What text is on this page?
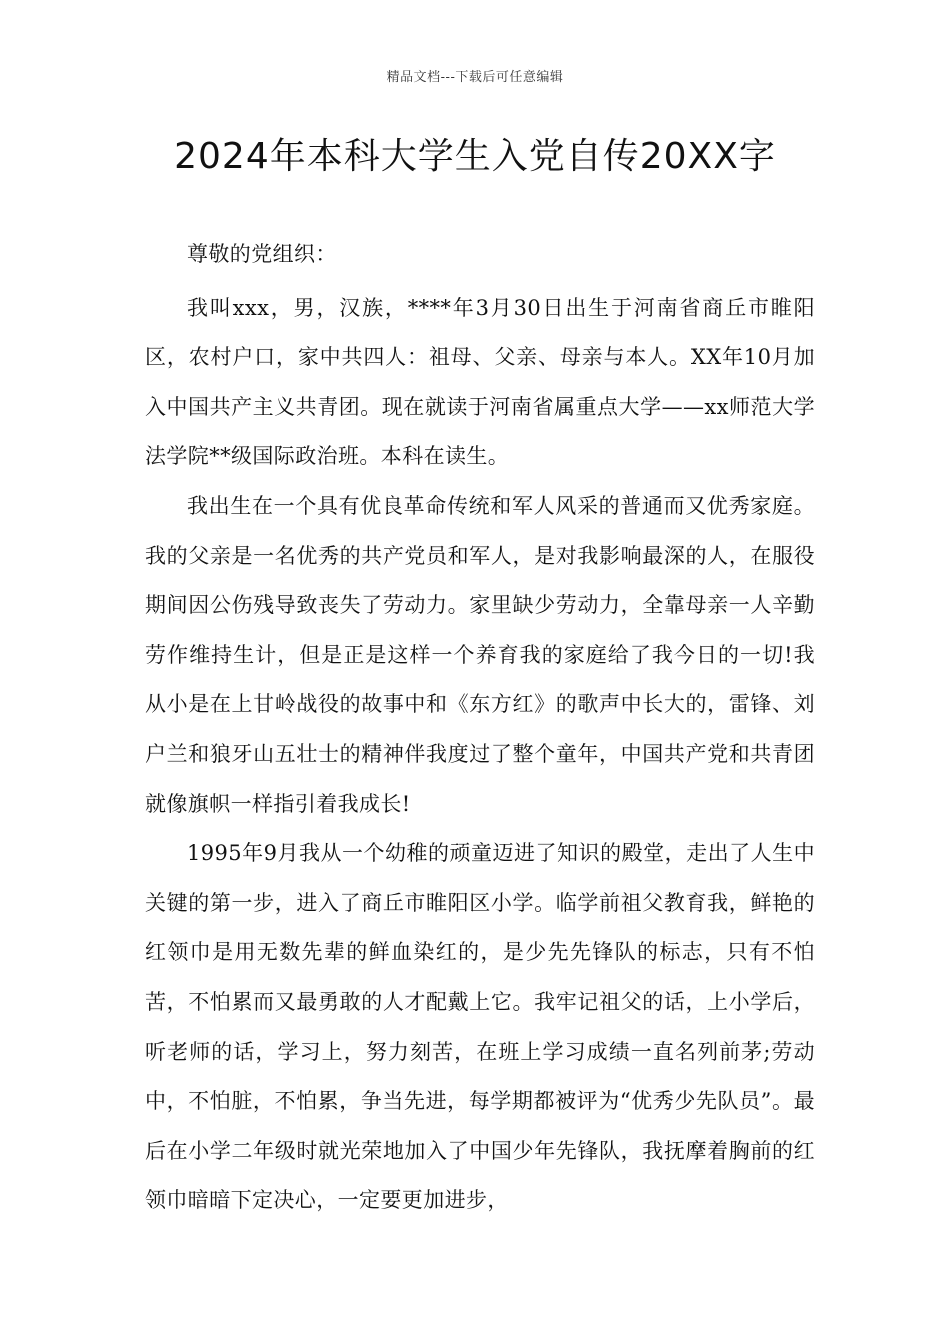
精品文档---下载后可任意编辑
2024年本科大学生入党自传20XX字

尊敬的党组织：

我叫xxx，男，汉族，****年3月30日出生于河南省商丘市睢阳区，农村户口，家中共四人：祖母、父亲、母亲与本人。XX年10月加入中国共产主义共青团。现在就读于河南省属重点大学——xx师范大学法学院**级国际政治班。本科在读生。

我出生在一个具有优良革命传统和军人风采的普通而又优秀家庭。我的父亲是一名优秀的共产党员和军人，是对我影响最深的人，在服役期间因公伤残导致丧失了劳动力。家里缺少劳动力，全靠母亲一人辛勤劳作维持生计，但是正是这样一个养育我的家庭给了我今日的一切!我从小是在上甘岭战役的故事中和《东方红》的歌声中长大的，雷锋、刘户兰和狼牙山五壮士的精神伴我度过了整个童年，中国共产党和共青团就像旗帜一样指引着我成长!

1995年9月我从一个幼稚的顽童迈进了知识的殿堂，走出了人生中关键的第一步，进入了商丘市睢阳区小学。临学前祖父教育我，鲜艳的红领巾是用无数先辈的鲜血染红的，是少先先锋队的标志，只有不怕苦，不怕累而又最勇敢的人才配戴上它。我牢记祖父的话，上小学后，听老师的话，学习上，努力刻苦，在班上学习成绩一直名列前茅;劳动中，不怕脏，不怕累，争当先进，每学期都被评为“优秀少先队员”。最后在小学二年级时就光荣地加入了中国少年先锋队，我抚摩着胸前的红领巾暗暗下定决心，一定要更加进步，
